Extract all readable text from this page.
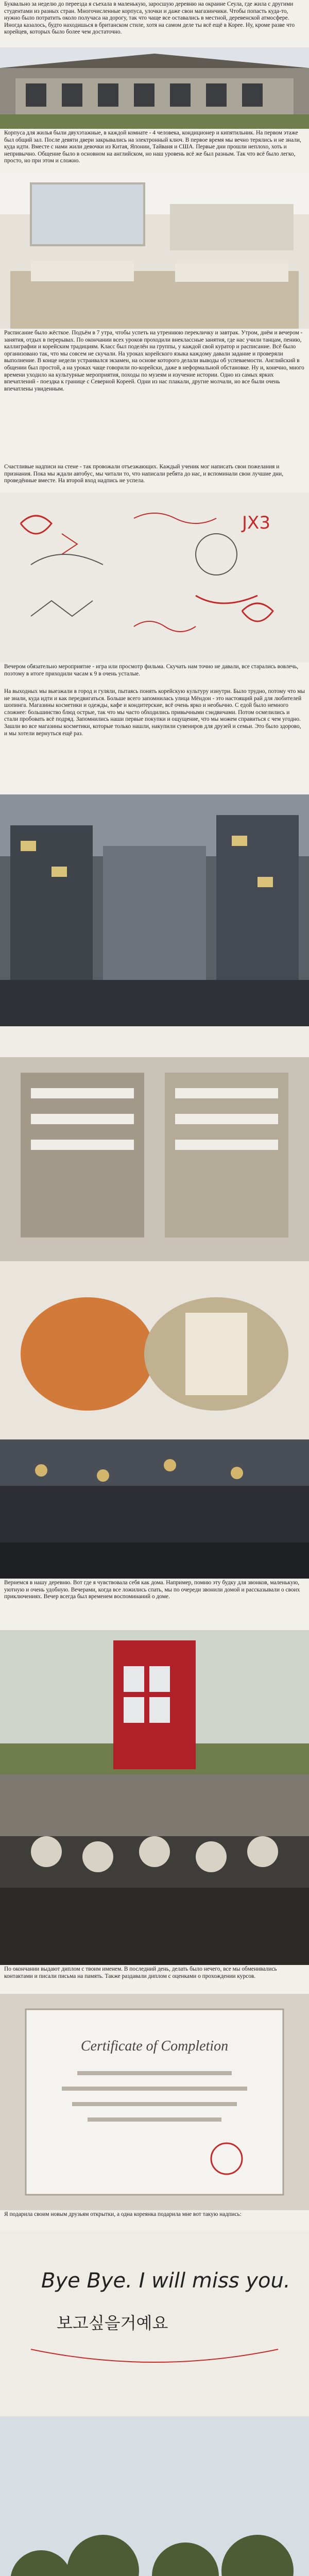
Буквально за неделю до переезда я съехала в маленькую, заросшую деревню на окраине Сеула, где жила с другими студентами из разных стран. Многочисленные корпуса, улочки и даже свои магазинчики. Чтобы попасть куда-то, нужно было потратить около получаса на дорогу, так что чаще все оставались в местной, деревенской атмосфере. Иногда казалось, будто находишься в британском стиле, хотя на самом деле ты всё ещё в Корее. Ну, кроме разве что корейцев, которых было более чем достаточно.

Корпуса для жилья были двухэтажные, в каждой комнате - 4 человека, кондиционер и кипятильник. На первом этаже был общий зал. После девяти двери закрывались на электронный ключ. В первое время мы вечно терялись и не знали, куда идти. Вместе с нами жили девочки из Китая, Японии, Тайваня и США. Первые дни прошли неплохо, хоть и непривычно. Общение было в основном на английском, но наш уровень всё же был разным. Так что всё было легко, просто, но при этом и сложно.

Расписание было жёсткое. Подъём в 7 утра, чтобы успеть на утреннюю перекличку и завтрак. Утром, днём и вечером - занятия, отдых в перерывах. По окончании всех уроков проходили внеклассные занятия, где нас учили танцам, пению, каллиграфии и корейским традициям. Класс был поделён на группы, у каждой свой куратор и расписание. Всё было организовано так, что мы совсем не скучали. На уроках корейского языка каждому давали задание и проверяли выполнение. В конце недели устраивался экзамен, на основе которого делали выводы об успеваемости. Английский в общении был простой, а на уроках чаще говорили по-корейски, даже в неформальной обстановке. Ну и, конечно, много времени уходило на культурные мероприятия, походы по музеям и изучение истории. Одно из самых ярких впечатлений - поездка к границе с Северной Кореей. Одни из нас плакали, другие молчали, но все были очень впечатлены увиденным.

Счастливые надписи на стене - так провожали отъезжающих. Каждый ученик мог написать свои пожелания и признания. Пока мы ждали автобус, мы читали то, что написали ребята до нас, и вспоминали свои лучшие дни, проведённые вместе. На второй вход надпись не успела.

JX3

Вечером обязательно мероприятие - игра или просмотр фильма. Скучать нам точно не давали, все старались вовлечь, поэтому в итоге приходили часам к 9 в очень усталые.

На выходных мы выезжали в город и гуляли, пытаясь понять корейскую культуру изнутри. Было трудно, потому что мы не знали, куда идти и как передвигаться. Больше всего запомнилась улица Мёндон - это настоящий рай для любителей шопинга. Магазины косметики и одежды, кафе и кондитерские, всё очень ярко и необычно. С едой было немного сложнее: большинство блюд острые, так что мы часто обходились привычными сэндвичами. Потом осмелились и стали пробовать всё подряд. Запомнились наши первые покупки и ощущение, что мы можем справиться с чем угодно. Зашли во все магазины косметики, которые только нашли, накупили сувениров для друзей и семьи. Это было здорово, и мы хотели вернуться ещё раз.

Вернемся в нашу деревню. Вот где я чувствовала себя как дома. Например, помню эту будку для звонков, маленькую, уютную и очень удобную. Вечерами, когда все ложились спать, мы по очереди звонили домой и рассказывали о своих приключениях. Вечер всегда был временем воспоминаний о доме.

По окончании выдают диплом с твоим именем. В последний день, делать было нечего, все мы обменивались контактами и писали письма на память. Также раздавали диплом с оценками о прохождении курсов.

Certificate of Completion

Я подарила своим новым друзьям открытки, а одна кореянка подарила мне вот такую надпись:

Bye Bye. I will miss you.
보고싶을거예요
